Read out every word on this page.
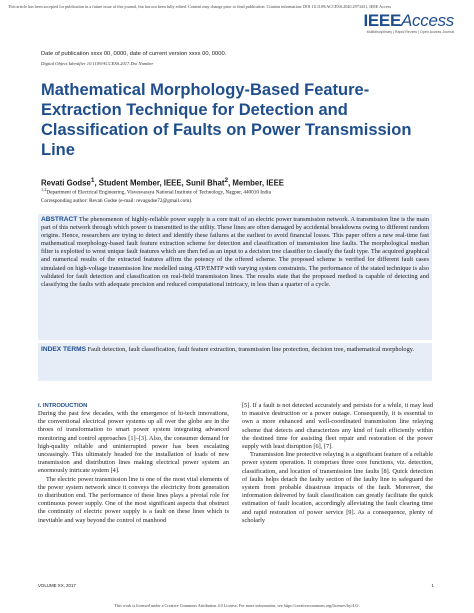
This article has been accepted for publication in a future issue of this journal, but has not been fully edited. Content may change prior to final publication. Citation information: DOI 10.1109/ACCESS.2020.2973431, IEEE Access
IEEEAccess
Multidisciplinary | Rapid Review | Open Access Journal
Date of publication xxxx 00, 0000, date of current version xxxx 00, 0000.
Digital Object Identifier 10.1109/ACCESS.2017.Doi Number
Mathematical Morphology-Based Feature-Extraction Technique for Detection and Classification of Faults on Power Transmission Line
Revati Godse$^1$, Student Member, IEEE, Sunil Bhat$^2$, Member, IEEE
$^{1,2}$Department of Electrical Engineering, Visvesvaraya National Institute of Technology, Nagpur, 440010 India
Corresponding author: Revati Godse (e-mail: revagodse72@gmail.com).

ABSTRACT The phenomenon of highly-reliable power supply is a core trait of an electric power transmission network. A transmission line is the main part of this network through which power is transmitted to the utility. These lines are often damaged by accidental breakdowns owing to different random origins. Hence, researchers are trying to detect and identify these failures at the earliest to avoid financial losses. This paper offers a new real-time fast mathematical morphology-based fault feature extraction scheme for detection and classification of transmission line faults. The morphological median filter is exploited to wrest unique fault features which are then fed as an input to a decision tree classifier to classify the fault type. The acquired graphical and numerical results of the extracted features affirm the potency of the offered scheme. The proposed scheme is verified for different fault cases simulated on high-voltage transmission line modelled using ATP/EMTP with varying system constraints. The performance of the stated technique is also validated for fault detection and classification on real-field transmission lines. The results state that the proposed method is capable of detecting and classifying the faults with adequate precision and reduced computational intricacy, in less than a quarter of a cycle.

INDEX TERMS Fault detection, fault classification, fault feature extraction, transmission line protection, decision tree, mathematical morphology.

I. INTRODUCTION

During the past few decades, with the emergence of hi-tech innovations, the conventional electrical power systems up all over the globe are in the throes of transformation to smart power system integrating advanced monitoring and control approaches [1]–[3]. Also, the consumer demand for high-quality reliable and uninterrupted power has been escalating unceasingly. This ultimately headed for the installation of loads of new transmission and distribution lines making electrical power system an enormously intricate system [4].

The electric power transmission line is one of the most vital elements of the power system network since it conveys the electricity from generation to distribution end. The performance of these lines plays a pivotal role for continuous power supply. One of the most significant aspects that obstruct the continuity of electric power supply is a fault on these lines which is inevitable and way beyond the control of manhood

[5]. If a fault is not detected accurately and persists for a while, it may lead to massive destruction or a power outage. Consequently, it is essential to own a more enhanced and well-coordinated transmission line relaying scheme that detects and characterizes any kind of fault efficiently within the destined time for assisting fleet repair and restoration of the power supply with least disruption [6], [7].

Transmission line protective relaying is a significant feature of a reliable power system operation. It comprises three core functions, viz. detection, classification, and location of transmission line faults [8]. Quick detection of faults helps detach the faulty section of the faulty line to safeguard the system from probable disastrous impacts of the fault. Moreover, the information delivered by fault classification can greatly facilitate the quick estimation of fault location, accordingly alleviating the fault clearing time and rapid restoration of power service [9]. As a consequence, plenty of scholarly

VOLUME XX, 2017	1
This work is licensed under a Creative Commons Attribution 4.0 License. For more information, see https://creativecommons.org/licenses/by/4.0/.
